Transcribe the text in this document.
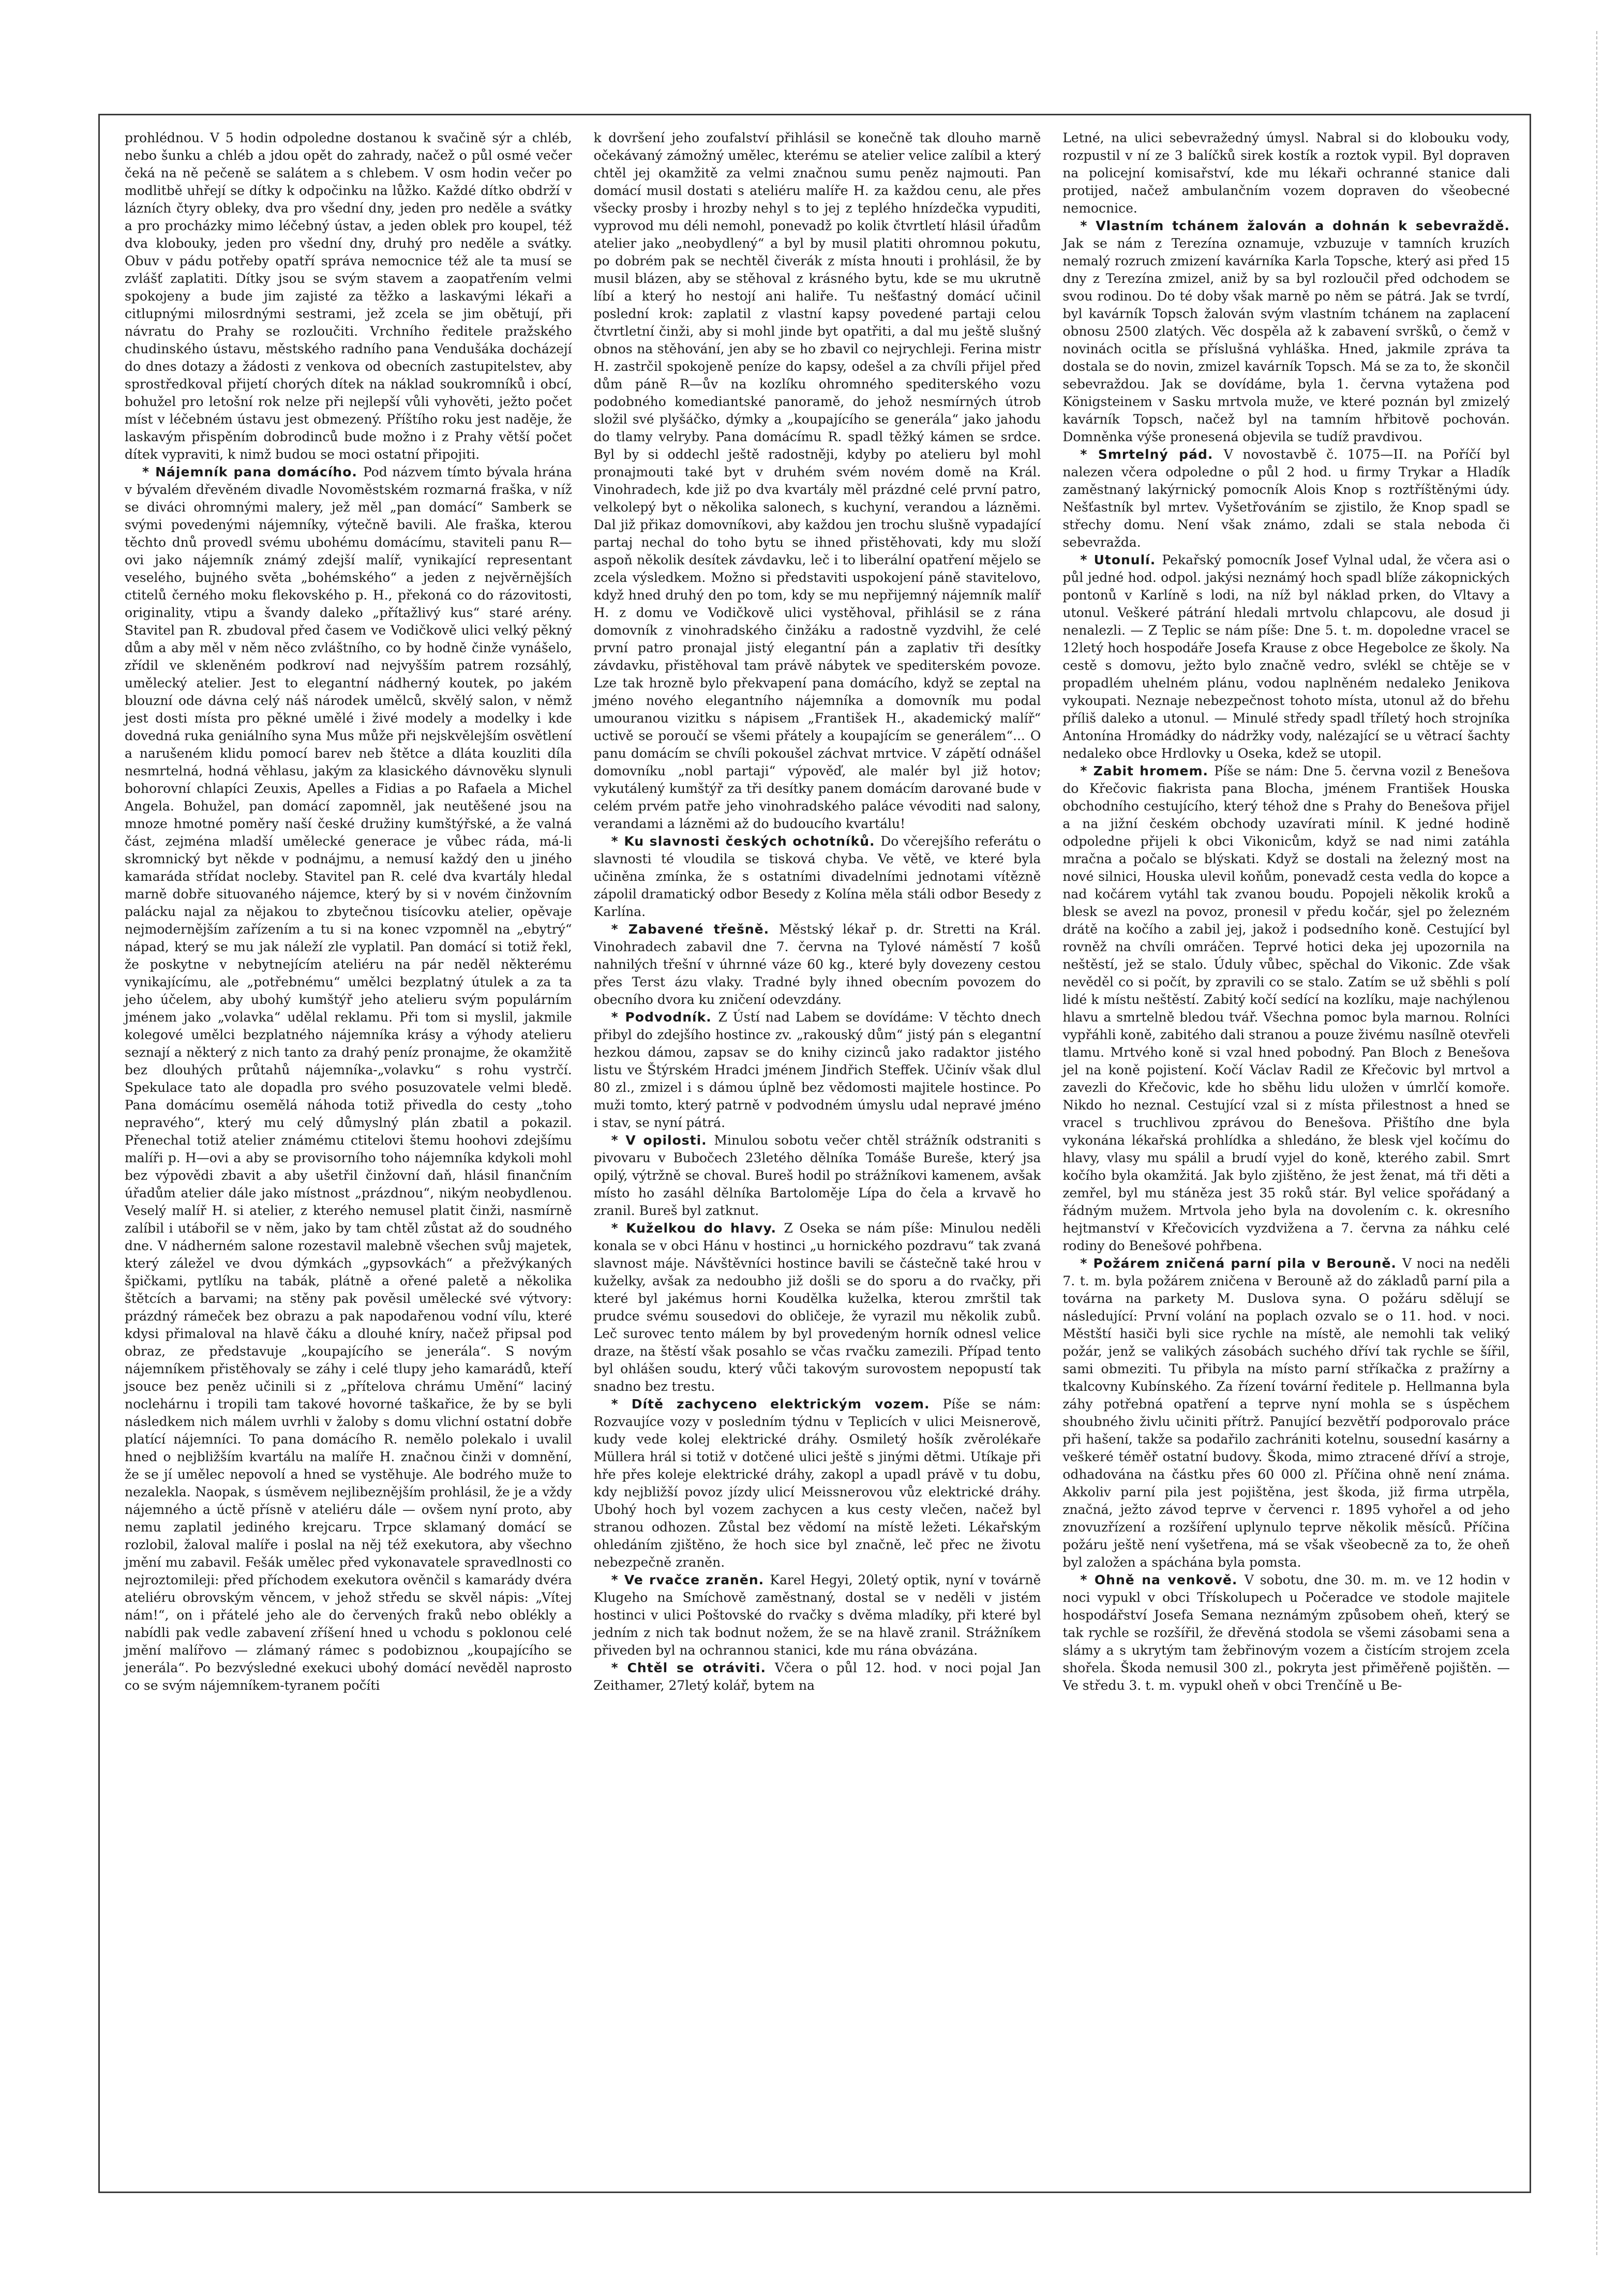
prohlédnou. V 5 hodin odpoledne dostanou k svačině sýr a chléb, nebo šunku a chléb a jdou opět do zahrady, načež o půl osmé večer čeká na ně pečeně se salátem a s chlebem. V osm hodin večer po modlitbě uhřejí se dítky k odpočinku na lůžko. Každé dítko obdrží v lázních čtyry obleky, dva pro všední dny, jeden pro neděle a svátky a pro procházky mimo léčebný ústav, a jeden oblek pro koupel, též dva klobouky, jeden pro všední dny, druhý pro neděle a svátky. Obuv v pádu potřeby opatří správa nemocnice též ale ta musí se zvlášť zaplatiti. Dítky jsou se svým stavem a zaopatřením velmi spokojeny a bude jim zajisté za těžko a laskavými lékaři a citlupnými milosrdnými sestrami, jež zcela se jim obětují, při návratu do Prahy se rozloučiti. Vrchního ředitele pražského chudinského ústavu, městského radního pana Vendušáka docházejí do dnes dotazy a žádosti z venkova od obecních zastupitelstev, aby sprostředkoval přijetí chorých dítek na náklad soukromníků i obcí, bohužel pro letošní rok nelze při nejlepší vůli vyhověti, ježto počet míst v léčebném ústavu jest obmezený. Příštího roku jest naděje, že laskavým přispěním dobrodinců bude možno i z Prahy větší počet dítek vypraviti, k nimž budou se moci ostatní připojiti.

* Nájemník pana domácího. Pod názvem tímto bývala hrána v bývalém dřevěném divadle Novoměstském rozmarná fraška, v níž se diváci ohromnými malery, jež měl „pan domácí“ Samberk se svými povedenými nájemníky, výtečně bavili. Ale fraška, kterou těchto dnů provedl svému ubohému domácímu, staviteli panu R—ovi jako nájemník známý zdejší malíř, vynikající representant veselého, bujného světa „bohémského“ a jeden z nejvěrnějších ctitelů černého moku flekovského p. H., překoná co do rázovitosti, originality, vtipu a švandy daleko „přítažlivý kus“ staré arény. Stavitel pan R. zbudoval před časem ve Vodičkově ulici velký pěkný dům a aby měl v něm něco zvláštního, co by hodně činže vynášelo, zřídil ve skleněném podkroví nad nejvyšším patrem rozsáhlý, umělecký atelier. Jest to elegantní nádherný koutek, po jakém blouzní ode dávna celý náš národek umělců, skvělý salon, v němž jest dosti místa pro pěkné umělé i živé modely a modelky i kde dovedná ruka geniálního syna Mus může při nejskvělejším osvětlení a narušeném klidu pomocí barev neb štětce a dláta kouzliti díla nesmrtelná, hodná věhlasu, jakým za klasického dávnověku slynuli bohorovní chlapíci Zeuxis, Apelles a Fidias a po Rafaela a Michel Angela. Bohužel, pan domácí zapomněl, jak neutěšené jsou na mnoze hmotné poměry naší české družiny kumštýřské, a že valná část, zejména mladší umělecké generace je vůbec ráda, má-li skromnický byt někde v podnájmu, a nemusí každý den u jiného kamaráda střídat nocleby. Stavitel pan R. celé dva kvartály hledal marně dobře situovaného nájemce, který by si v novém činžovním palácku najal za nějakou to zbytečnou tisícovku atelier, opěvaje nejmodernějším zařízením a tu si na konec vzpomněl na „ebytrý“ nápad, který se mu jak náleží zle vyplatil. Pan domácí si totiž řekl, že poskytne v nebytnejícím ateliéru na pár neděl některému vynikajícímu, ale „potřebnému“ umělci bezplatný útulek a za ta jeho účelem, aby ubohý kumštýř jeho atelieru svým populárním jménem jako „volavka“ udělal reklamu. Při tom si myslil, jakmile kolegové umělci bezplatného nájemníka krásy a výhody atelieru seznají a některý z nich tanto za drahý peníz pronajme, že okamžitě bez dlouhých průtahů nájemníka-„volavku“ s rohu vystrčí. Spekulace tato ale dopadla pro svého posuzovatele velmi bledě. Pana domácímu osemělá náhoda totiž přivedla do cesty „toho nepravého“, který mu celý důmyslný plán zbatil a pokazil. Přenechal totiž atelier známému ctitelovi štemu hoohovi zdejšímu malíři p. H—ovi a aby se provisorního toho nájemníka kdykoli mohl bez výpovědi zbavit a aby ušetřil činžovní daň, hlásil finančním úřadům atelier dále jako místnost „prázdnou“, nikým neobydlenou. Veselý malíř H. si atelier, z kterého nemusel platit činži, nasmírně zalíbil i utábořil se v něm, jako by tam chtěl zůstat až do soudného dne. V nádherném salone rozestavil malebně všechen svůj majetek, který záležel ve dvou dýmkách „gypsovkách“ a přežvýkaných špičkami, pytlíku na tabák, plátně a ořené paletě a několika štětcích a barvami; na stěny pak pověsil umělecké své výtvory: prázdný rámeček bez obrazu a pak napodařenou vodní vílu, které kdysi přimaloval na hlavě čáku a dlouhé kníry, načež připsal pod obraz, ze představuje „koupajícího se jenerála“. S novým nájemníkem přistěhovaly se záhy i celé tlupy jeho kamarádů, kteří jsouce bez peněz učinili si z „přítelova chrámu Umění“ laciný noclehárnu i tropili tam takové hovorné taškařice, že by se byli následkem nich málem uvrhli v žaloby s domu vlichní ostatní dobře platící nájemníci. To pana domácího R. nemělo polekalo i uvalil hned o nejbližším kvartálu na malíře H. značnou činži v domnění, že se jí umělec nepovolí a hned se vystěhuje. Ale bodrého muže to nezalekla. Naopak, s úsměvem nejlibeznějším prohlásil, že je a vždy nájemného a úctě přísně v ateliéru dále — ovšem nyní proto, aby nemu zaplatil jediného krejcaru. Trpce sklamaný domácí se rozlobil, žaloval malíře i poslal na něj též exekutora, aby všechno jmění mu zabavil. Fešák umělec před vykonavatele spravedlnosti co nejroztomileji: před příchodem exekutora ověnčil s kamarády dvéra ateliéru obrovským věncem, v jehož středu se skvěl nápis: „Vítej nám!“, on i přátelé jeho ale do červených fraků nebo oblékly a nabídli pak vedle zabavení zříšení hned u vchodu s poklonou celé jmění malířovo — zlámaný rámec s podobiznou „koupajícího se jenerála“. Po bezvýsledné exekuci ubohý domácí nevěděl naprosto co se svým nájemníkem-tyranem počíti

k dovršení jeho zoufalství přihlásil se konečně tak dlouho marně očekávaný zámožný umělec, kterému se atelier velice zalíbil a který chtěl jej okamžitě za velmi značnou sumu peněz najmouti. Pan domácí musil dostati s ateliéru malíře H. za každou cenu, ale přes všecky prosby i hrozby nehyl s to jej z teplého hnízdečka vypuditi, vyprovod mu déli nemohl, ponevadž po kolik čtvrtletí hlásil úřadům atelier jako „neobydlený“ a byl by musil platiti ohromnou pokutu, po dobrém pak se nechtěl čiverák z místa hnouti i prohlásil, že by musil blázen, aby se stěhoval z krásného bytu, kde se mu ukrutně líbí a který ho nestojí ani haliře. Tu nešťastný domácí učinil poslední krok: zaplatil z vlastní kapsy povedené partaji celou čtvrtletní činži, aby si mohl jinde byt opatřiti, a dal mu ještě slušný obnos na stěhování, jen aby se ho zbavil co nejrychleji. Ferina mistr H. zastrčil spokojeně peníze do kapsy, odešel a za chvíli přijel před dům páně R—ův na kozlíku ohromného spediterského vozu podobného komediantské panoramě, do jehož nesmírných útrob složil své plyšáčko, dýmky a „koupajícího se generála“ jako jahodu do tlamy velryby. Pana domácímu R. spadl těžký kámen se srdce. Byl by si oddechl ještě radostněji, kdyby po atelieru byl mohl pronajmouti také byt v druhém svém novém domě na Král. Vinohradech, kde již po dva kvartály měl prázdné celé první patro, velkolepý byt o několika salonech, s kuchyní, verandou a lázněmi. Dal již přikaz domovníkovi, aby každou jen trochu slušně vypadající partaj nechal do toho bytu se ihned přistěhovati, kdy mu složí aspoň několik desítek závdavku, leč i to liberální opatření mějelo se zcela výsledkem. Možno si představiti uspokojení páně stavitelovo, když hned druhý den po tom, kdy se mu nepřijemný nájemník malíř H. z domu ve Vodičkově ulici vystěhoval, přihlásil se z rána domovník z vinohradského činžáku a radostně vyzdvihl, že celé první patro pronajal jistý elegantní pán a zaplativ tři desítky závdavku, přistěhoval tam právě nábytek ve spediterském povoze. Lze tak hrozně bylo překvapení pana domácího, když se zeptal na jméno nového elegantního nájemníka a domovník mu podal umouranou vizitku s nápisem „František H., akademický malíř“ uctivě se poroučí se všemi přátely a koupajícím se generálem“... O panu domácím se chvíli pokoušel záchvat mrtvice. V zápětí odnášel domovníku „nobl partaji“ výpověď, ale malér byl již hotov; vykutálený kumštýř za tři desítky panem domácím darované bude v celém prvém patře jeho vinohradského paláce vévoditi nad salony, verandami a lázněmi až do budoucího kvartálu!

* Ku slavnosti českých ochotníků. Do včerejšího referátu o slavnosti té vloudila se tisková chyba. Ve větě, ve které byla učiněna zmínka, že s ostatními divadelními jednotami vítězně zápolil dramatický odbor Besedy z Kolína měla stáli odbor Besedy z Karlína.

* Zabavené třešně. Městský lékař p. dr. Stretti na Král. Vinohradech zabavil dne 7. června na Tylové náměstí 7 košů nahnilých třešní v úhrnné váze 60 kg., které byly dovezeny cestou přes Terst ázu vlaky. Tradné byly ihned obecním povozem do obecního dvora ku zničení odevzdány.

* Podvodník. Z Ústí nad Labem se dovídáme: V těchto dnech přibyl do zdejšího hostince zv. „rakouský dům“ jistý pán s elegantní hezkou dámou, zapsav se do knihy cizinců jako radaktor jistého listu ve Štýrském Hradci jménem Jindřich Steffek. Učinív však dlul 80 zl., zmizel i s dámou úplně bez vědomosti majitele hostince. Po muži tomto, který patrně v podvodném úmyslu udal nepravé jméno i stav, se nyní pátrá.

* V opilosti. Minulou sobotu večer chtěl strážník odstraniti s pivovaru v Bubočech 23letého dělníka Tomáše Bureše, který jsa opilý, výtržně se choval. Bureš hodil po strážníkovi kamenem, avšak místo ho zasáhl dělníka Bartoloměje Lípa do čela a krvavě ho zranil. Bureš byl zatknut.

* Kuželkou do hlavy. Z Oseka se nám píše: Minulou neděli konala se v obci Hánu v hostinci „u hornického pozdravu“ tak zvaná slavnost máje. Návštěvníci hostince bavili se částečně také hrou v kuželky, avšak za nedoubho již došli se do sporu a do rvačky, při které byl jakémus horni Koudělka kuželka, kterou zmrštil tak prudce svému sousedovi do obličeje, že vyrazil mu několik zubů. Leč surovec tento málem by byl provedeným horník odnesl velice draze, na štěstí však posahlo se včas rvačku zamezili. Případ tento byl ohlášen soudu, který vůči takovým surovostem nepopustí tak snadno bez trestu.

* Dítě zachyceno elektrickým vozem. Píše se nám: Rozvaujíce vozy v posledním týdnu v Teplicích v ulici Meisnerově, kudy vede kolej elektrické dráhy. Osmiletý hošík zvěrolékaře Müllera hrál si totiž v dotčené ulici ještě s jinými dětmi. Utíkaje při hře přes koleje elektrické dráhy, zakopl a upadl právě v tu dobu, kdy nejbližší povoz jízdy ulicí Meissnerovou vůz elektrické dráhy. Ubohý hoch byl vozem zachycen a kus cesty vlečen, načež byl stranou odhozen. Zůstal bez vědomí na místě ležeti. Lékařským ohledáním zjištěno, že hoch sice byl značně, leč přec ne životu nebezpečně zraněn.

* Ve rvačce zraněn. Karel Hegyi, 20letý optik, nyní v továrně Klugeho na Smíchově zaměstnaný, dostal se v neděli v jistém hostinci v ulici Poštovské do rvačky s dvěma mladíky, při které byl jedním z nich tak bodnut nožem, že se na hlavě zranil. Strážníkem přiveden byl na ochrannou stanici, kde mu rána obvázána.

* Chtěl se otráviti. Včera o půl 12. hod. v noci pojal Jan Zeithamer, 27letý kolář, bytem na

Letné, na ulici sebevražedný úmysl. Nabral si do klobouku vody, rozpustil v ní ze 3 balíčků sirek kostík a roztok vypil. Byl dopraven na policejní komisařství, kde mu lékaři ochranné stanice dali protijed, načež ambulančním vozem dopraven do všeobecné nemocnice.

* Vlastním tchánem žalován a dohnán k sebevraždě. Jak se nám z Terezína oznamuje, vzbuzuje v tamních kruzích nemalý rozruch zmizení kavárníka Karla Topsche, který asi před 15 dny z Terezína zmizel, aniž by sa byl rozloučil před odchodem se svou rodinou. Do té doby však marně po něm se pátrá. Jak se tvrdí, byl kavárník Topsch žalován svým vlastním tchánem na zaplacení obnosu 2500 zlatých. Věc dospěla až k zabavení svršků, o čemž v novinách ocitla se příslušná vyhláška. Hned, jakmile zpráva ta dostala se do novin, zmizel kavárník Topsch. Má se za to, že skončil sebevraždou. Jak se dovídáme, byla 1. června vytažena pod Königsteinem v Sasku mrtvola muže, ve které poznán byl zmizelý kavárník Topsch, načež byl na tamním hřbitově pochován. Domněnka výše pronesená objevila se tudíž pravdivou.

* Smrtelný pád. V novostavbě č. 1075—II. na Poříčí byl nalezen včera odpoledne o půl 2 hod. u firmy Trykar a Hladík zaměstnaný lakýrnický pomocník Alois Knop s roztříštěnými údy. Nešťastník byl mrtev. Vyšetřováním se zjistilo, že Knop spadl se střechy domu. Není však známo, zdali se stala neboda či sebevražda.

* Utonulí. Pekařský pomocník Josef Vylnal udal, že včera asi o půl jedné hod. odpol. jakýsi neznámý hoch spadl blíže zákopnických pontonů v Karlíně s lodi, na níž byl náklad prken, do Vltavy a utonul. Veškeré pátrání hledali mrtvolu chlapcovu, ale dosud ji nenalezli. — Z Teplic se nám píše: Dne 5. t. m. dopoledne vracel se 12letý hoch hospodáře Josefa Krause z obce Hegebolce ze školy. Na cestě s domovu, ježto bylo značně vedro, svlékl se chtěje se v propadlém uhelném plánu, vodou naplněném nedaleko Jenikova vykoupati. Neznaje nebezpečnost tohoto místa, utonul až do břehu příliš daleko a utonul. — Minulé středy spadl tříletý hoch strojníka Antonína Hromádky do nádržky vody, nalézající se u větrací šachty nedaleko obce Hrdlovky u Oseka, kdež se utopil.

* Zabit hromem. Píše se nám: Dne 5. června vozil z Benešova do Křečovic fiakrista pana Blocha, jménem František Houska obchodního cestujícího, který téhož dne s Prahy do Benešova přijel a na jižní českém obchody uzavírati mínil. K jedné hodině odpoledne přijeli k obci Vikonicům, když se nad nimi zatáhla mračna a počalo se blýskati. Když se dostali na železný most na nové silnici, Houska ulevil koňům, ponevadž cesta vedla do kopce a nad kočárem vytáhl tak zvanou boudu. Popojeli několik kroků a blesk se avezl na povoz, pronesil v předu kočár, sjel po železném drátě na kočího a zabil jej, jakož i podsedního koně. Cestující byl rovněž na chvíli omráčen. Teprvé hotici deka jej upozornila na neštěstí, jež se stalo. Úduly vůbec, spěchal do Vikonic. Zde však nevěděl co si počít, by zpravili co se stalo. Zatím se už sběhli s polí lidé k místu neštěstí. Zabitý kočí sedící na kozlíku, maje nachýlenou hlavu a smrtelně bledou tvář. Všechna pomoc byla marnou. Rolníci vypřáhli koně, zabitého dali stranou a pouze živému nasílně otevřeli tlamu. Mrtvého koně si vzal hned pobodný. Pan Bloch z Benešova jel na koně pojistení. Kočí Václav Radil ze Křečovic byl mrtvol a zavezli do Křečovic, kde ho sběhu lidu uložen v úmrlčí komoře. Nikdo ho neznal. Cestující vzal si z místa přilestnost a hned se vracel s truchlivou zprávou do Benešova. Přištího dne byla vykonána lékařská prohlídka a shledáno, že blesk vjel kočímu do hlavy, vlasy mu spálil a brudí vyjel do koně, kterého zabil. Smrt kočího byla okamžitá. Jak bylo zjištěno, že jest ženat, má tři děti a zemřel, byl mu stáněza jest 35 roků stár. Byl velice spořádaný a řádným mužem. Mrtvola jeho byla na dovolením c. k. okresního hejtmanství v Křečovicích vyzdvižena a 7. června za náhku celé rodiny do Benešové pohřbena.

* Požárem zničená parní pila v Berouně. V noci na neděli 7. t. m. byla požárem zničena v Berouně až do základů parní pila a továrna na parkety M. Duslova syna. O požáru sdělují se následující: První volání na poplach ozvalo se o 11. hod. v noci. Městští hasiči byli sice rychle na místě, ale nemohli tak veliký požár, jenž se valikých zásobách suchého dříví tak rychle se šířil, sami obmeziti. Tu přibyla na místo parní stříkačka z pražírny a tkalcovny Kubínského. Za řízení tovární ředitele p. Hellmanna byla záhy potřebná opatření a teprve nyní mohla se s úspěchem shoubného živlu učiniti přítrž. Panující bezvětří podporovalo práce při hašení, takže sa podařilo zachrániti kotelnu, sousední kasárny a veškeré téměř ostatní budovy. Škoda, mimo ztracené dříví a stroje, odhadována na částku přes 60 000 zl. Příčina ohně není známa. Akkoliv parní pila jest pojištěna, jest škoda, již firma utrpěla, značná, ježto závod teprve v červenci r. 1895 vyhořel a od jeho znovuzřízení a rozšíření uplynulo teprve několik měsíců. Příčina požáru ještě není vyšetřena, má se však všeobecně za to, že oheň byl založen a spáchána byla pomsta.

* Ohně na venkově. V sobotu, dne 30. m. m. ve 12 hodin v noci vypukl v obci Třískolupech u Počeradce ve stodole majitele hospodářství Josefa Semana neznámým způsobem oheň, který se tak rychle se rozšířil, že dřevěná stodola se všemi zásobami sena a slámy a s ukrytým tam žebřinovým vozem a čistícím strojem zcela shořela. Škoda nemusil 300 zl., pokryta jest přiměřeně pojištěn. — Ve středu 3. t. m. vypukl oheň v obci Trenčíně u Be-
